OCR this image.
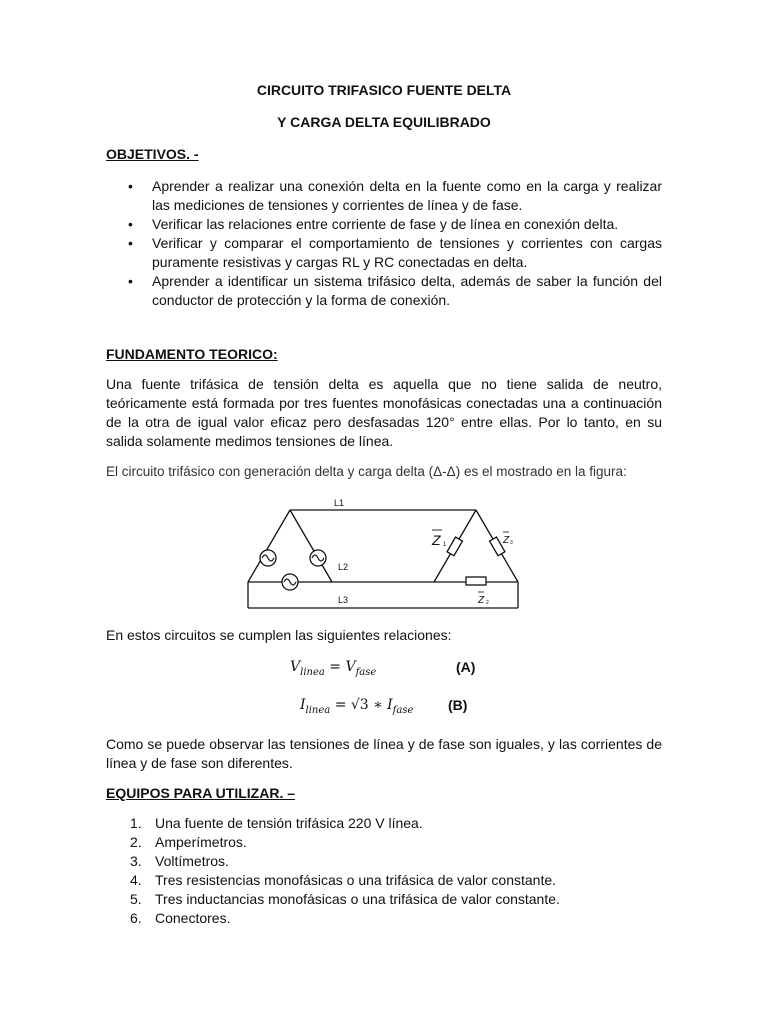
CIRCUITO TRIFASICO FUENTE DELTA
Y CARGA DELTA EQUILIBRADO
OBJETIVOS. -
• Aprender a realizar una conexión delta en la fuente como en la carga y realizar las mediciones de tensiones y corrientes de línea y de fase.
• Verificar las relaciones entre corriente de fase y de línea en conexión delta.
• Verificar y comparar el comportamiento de tensiones y corrientes con cargas puramente resistivas y cargas RL y RC conectadas en delta.
• Aprender a identificar un sistema trifásico delta, además de saber la función del conductor de protección y la forma de conexión.
FUNDAMENTO TEORICO:
Una fuente trifásica de tensión delta es aquella que no tiene salida de neutro, teóricamente está formada por tres fuentes monofásicas conectadas una a continuación de la otra de igual valor eficaz pero desfasadas 120° entre ellas. Por lo tanto, en su salida solamente medimos tensiones de línea.
El circuito trifásico con generación delta y carga delta (Δ-Δ) es el mostrado en la figura:
En estos circuitos se cumplen las siguientes relaciones:
$V_{linea} = V_{fase}$	(A)
$I_{linea} = √3$ ∗ $I_{fase}$ (B)
Como se puede observar las tensiones de línea y de fase son iguales, y las corrientes de línea y de fase son diferentes.
EQUIPOS PARA UTILIZAR. –
1. Una fuente de tensión trifásica 220 V línea.
2. Amperímetros.
3. Voltímetros.
4. Tres resistencias monofásicas o una trifásica de valor constante.
5. Tres inductancias monofásicas o una trifásica de valor constante.
6. Conectores.
L1
L2
L3
Z 1	Z 3
Z 2
